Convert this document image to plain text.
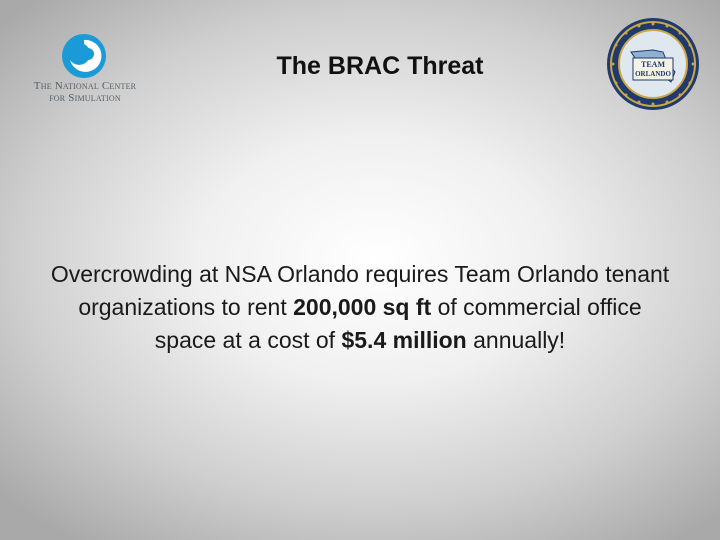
The National Center
for Simulation
The BRAC Threat	TEAM
ORLANDO
Overcrowding at NSA Orlando requires Team Orlando tenant organizations to rent 200,000 sq ft of commercial office space at a cost of $5.4 million annually!
